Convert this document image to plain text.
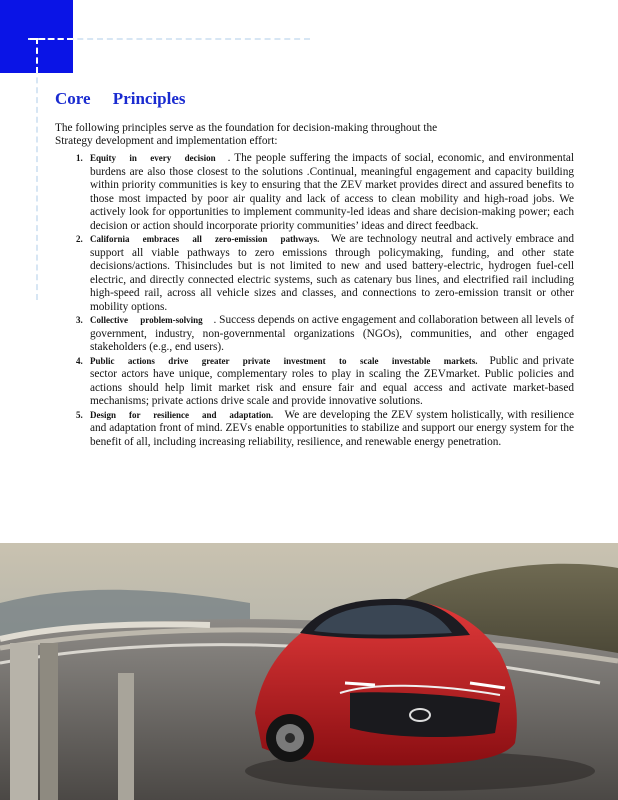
Core Principles
The following principles serve as the foundation for decision-making throughout the Strategy development and implementation effort:
1. Equity in every decision . The people suffering the impacts of social, economic, and environmental burdens are also those closest to the solutions .Continual, meaningful engagement and capacity building within priority communities is key to ensuring that the ZEV market provides direct and assured benefits to those most impacted by poor air quality and lack of access to clean mobility and high-road jobs. We actively look for opportunities to implement community-led ideas and share decision-making power; each decision or action should incorporate priority communities’ ideas and direct feedback.
2. California embraces all zero-emission pathways. We are technology neutral and actively embrace and support all viable pathways to zero emissions through policymaking, funding, and other state decisions/actions. Thisincludes but is not limited to new and used battery-electric, hydrogen fuel-cell electric, and directly connected electric systems, such as catenary bus lines, and electrified rail including high-speed rail, across all vehicle sizes and classes, and connections to zero-emission transit or other mobility options.
3. Collective problem-solving . Success depends on active engagement and collaboration between all levels of government, industry, non-governmental organizations (NGOs), communities, and other engaged stakeholders (e.g., end users).
4. Public actions drive greater private investment to scale investable markets. Public and private sector actors have unique, complementary roles to play in scaling the ZEVmarket. Public policies and actions should help limit market risk and ensure fair and equal access and activate market-based mechanisms; private actions drive scale and provide innovative solutions.
5. Design for resilience and adaptation. We are developing the ZEV system holistically, with resilience and adaptation front of mind. ZEVs enable opportunities to stabilize and support our energy system for the benefit of all, including increasing reliability, resilience, and renewable energy penetration.
